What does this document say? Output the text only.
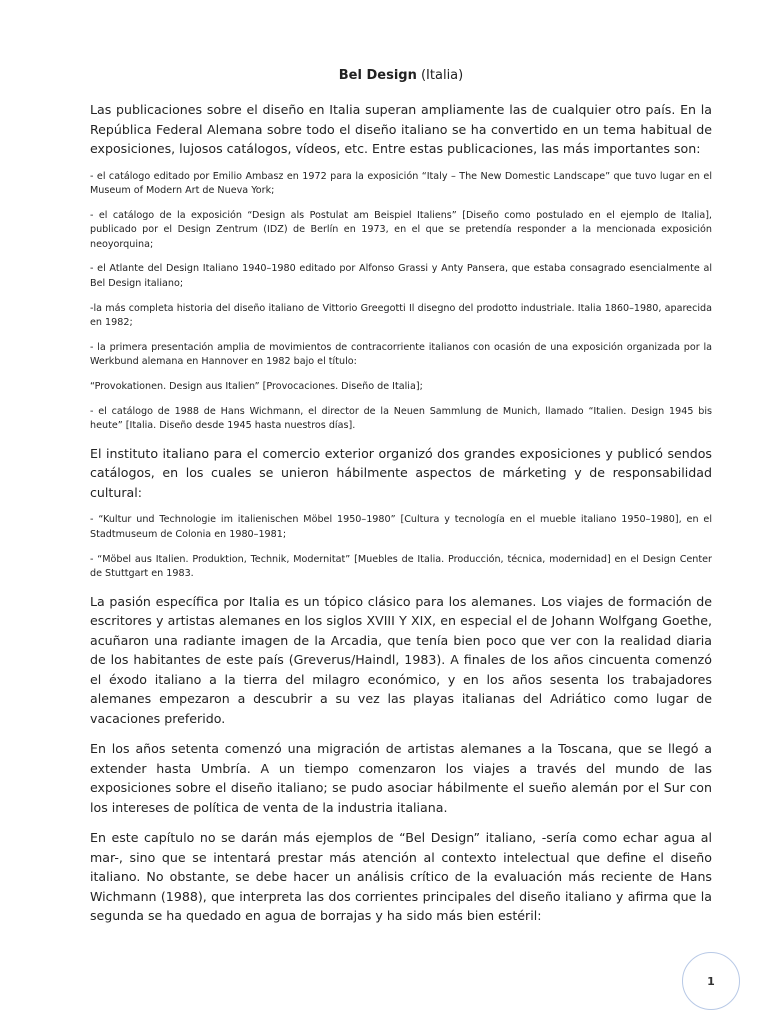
Bel Design (Italia)

Las publicaciones sobre el diseño en Italia superan ampliamente las de cualquier otro país. En la República Federal Alemana sobre todo el diseño italiano se ha convertido en un tema habitual de exposiciones, lujosos catálogos, vídeos, etc. Entre estas publicaciones, las más importantes son:

- el catálogo editado por Emilio Ambasz en 1972 para la exposición “Italy – The New Domestic Landscape” que tuvo lugar en el Museum of Modern Art de Nueva York;

- el catálogo de la exposición “Design als Postulat am Beispiel Italiens” [Diseño como postulado en el ejemplo de Italia], publicado por el Design Zentrum (IDZ) de Berlín en 1973, en el que se pretendía responder a la mencionada exposición neoyorquina;

- el Atlante del Design Italiano 1940–1980 editado por Alfonso Grassi y Anty Pansera, que estaba consagrado esencialmente al Bel Design italiano;

-la más completa historia del diseño italiano de Vittorio Greegotti Il disegno del prodotto industriale. Italia 1860–1980, aparecida en 1982;

- la primera presentación amplia de movimientos de contracorriente italianos con ocasión de una exposición organizada por la Werkbund alemana en Hannover en 1982 bajo el título:

“Provokationen. Design aus Italien” [Provocaciones. Diseño de Italia];

- el catálogo de 1988 de Hans Wichmann, el director de la Neuen Sammlung de Munich, llamado “Italien. Design 1945 bis heute” [Italia. Diseño desde 1945 hasta nuestros días].

El instituto italiano para el comercio exterior organizó dos grandes exposiciones y publicó sendos catálogos, en los cuales se unieron hábilmente aspectos de márketing y de responsabilidad cultural:

- “Kultur und Technologie im italienischen Möbel 1950–1980” [Cultura y tecnología en el mueble italiano 1950–1980], en el Stadtmuseum de Colonia en 1980–1981;

- “Möbel aus Italien. Produktion, Technik, Modernitat” [Muebles de Italia. Producción, técnica, modernidad] en el Design Center de Stuttgart en 1983.

La pasión específica por Italia es un tópico clásico para los alemanes. Los viajes de formación de escritores y artistas alemanes en los siglos XVIII Y XIX, en especial el de Johann Wolfgang Goethe, acuñaron una radiante imagen de la Arcadia, que tenía bien poco que ver con la realidad diaria de los habitantes de este país (Greverus/Haindl, 1983). A finales de los años cincuenta comenzó el éxodo italiano a la tierra del milagro económico, y en los años sesenta los trabajadores alemanes empezaron a descubrir a su vez las playas italianas del Adriático como lugar de vacaciones preferido.

En los años setenta comenzó una migración de artistas alemanes a la Toscana, que se llegó a extender hasta Umbría. A un tiempo comenzaron los viajes a través del mundo de las exposiciones sobre el diseño italiano; se pudo asociar hábilmente el sueño alemán por el Sur con los intereses de política de venta de la industria italiana.

En este capítulo no se darán más ejemplos de “Bel Design” italiano, -sería como echar agua al mar-, sino que se intentará prestar más atención al contexto intelectual que define el diseño italiano. No obstante, se debe hacer un análisis crítico de la evaluación más reciente de Hans Wichmann (1988), que interpreta las dos corrientes principales del diseño italiano y afirma que la segunda se ha quedado en agua de borrajas y ha sido más bien estéril:

1
